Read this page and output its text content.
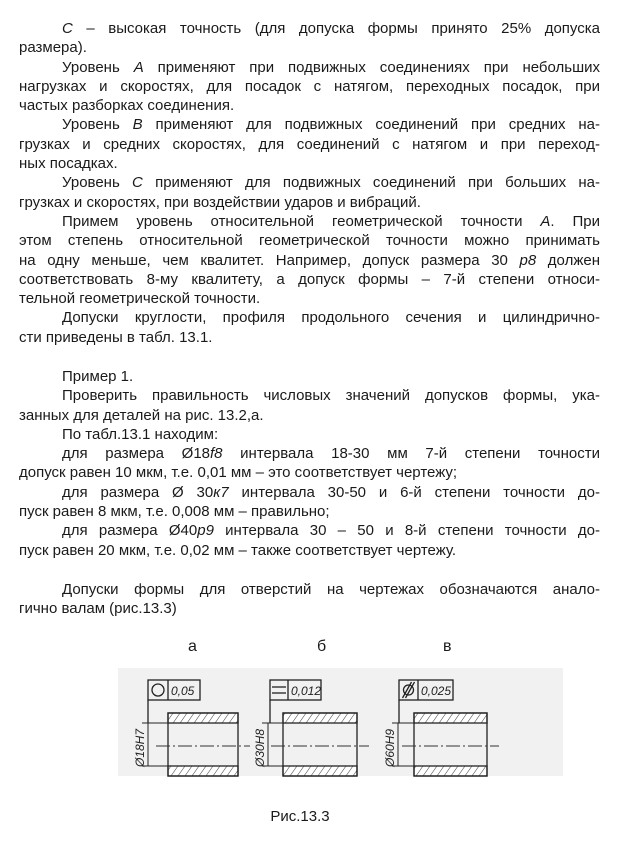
С – высокая точность (для допуска формы принято 25% допуска
размера).
Уровень А применяют при подвижных соединениях при небольших
нагрузках и скоростях, для посадок с натягом, переходных посадок, при
частых разборках соединения.
Уровень В применяют для подвижных соединений при средних на-
грузках и средних скоростях, для соединений с натягом и при переход-
ных посадках.
Уровень С применяют для подвижных соединений при больших на-
грузках и скоростях, при воздействии ударов и вибраций.
Примем уровень относительной геометрической точности А. При
этом степень относительной геометрической точности можно принимать
на одну меньше, чем квалитет. Например, допуск размера 30 р8 должен
соответствовать 8-му квалитету, а допуск формы – 7-й степени относи-
тельной геометрической точности.
Допуски круглости, профиля продольного сечения и цилиндрично-
сти приведены в табл. 13.1.
Пример 1.
Проверить правильность числовых значений допусков формы, ука-
занных для деталей на рис. 13.2,а.
По табл.13.1 находим:
для размера Ø18f8 интервала 18-30 мм 7-й степени точности
допуск равен 10 мкм, т.е. 0,01 мм – это соответствует чертежу;
для размера Ø 30к7 интервала 30-50 и 6-й степени точности до-
пуск равен 8 мкм, т.е. 0,008 мм – правильно;
для размера Ø40р9 интервала 30 – 50 и 8-й степени точности до-
пуск равен 20 мкм, т.е. 0,02 мм – также соответствует чертежу.
Допуски формы для отверстий на чертежах обозначаются анало-
гично валам (рис.13.3)
а	б	в
0,05
Ø18H7
0,012
Ø30H8
0,025
Ø60H9
Рис.13.3
